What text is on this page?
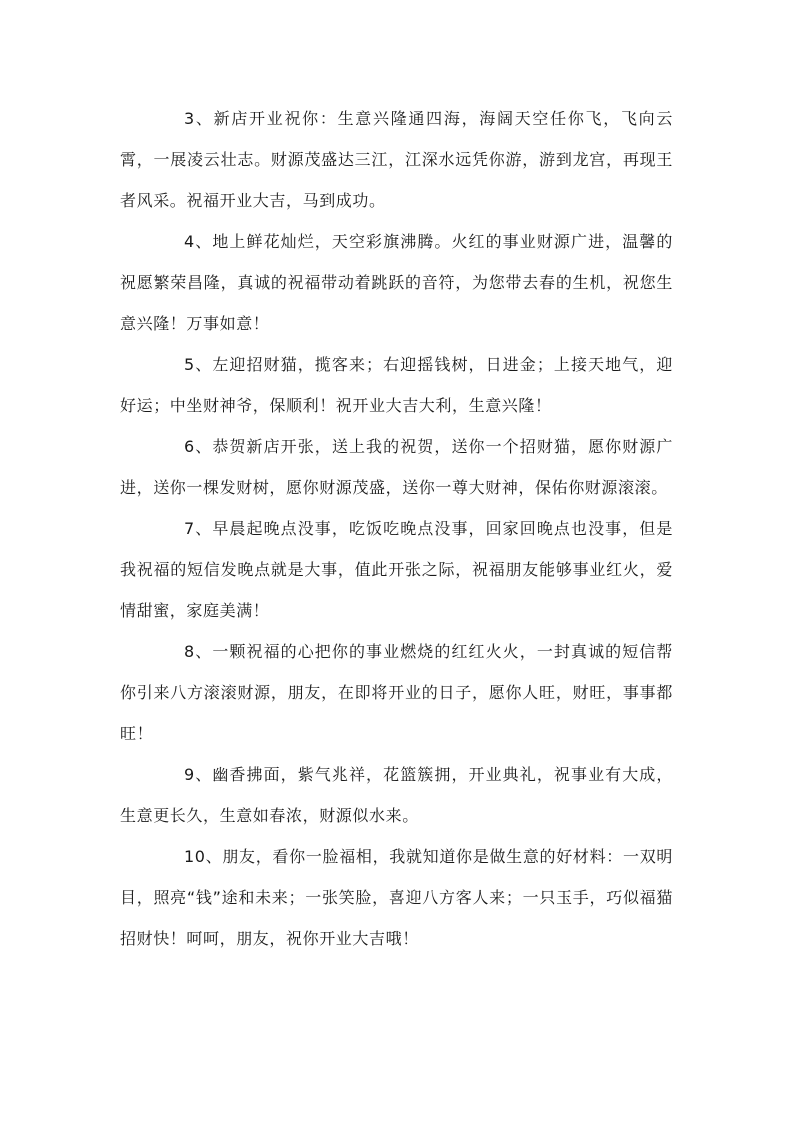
3、新店开业祝你：生意兴隆通四海，海阔天空任你飞，飞向云霄，一展凌云壮志。财源茂盛达三江，江深水远凭你游，游到龙宫，再现王者风采。祝福开业大吉，马到成功。

4、地上鲜花灿烂，天空彩旗沸腾。火红的事业财源广进，温馨的祝愿繁荣昌隆，真诚的祝福带动着跳跃的音符，为您带去春的生机，祝您生意兴隆！万事如意！

5、左迎招财猫，揽客来；右迎摇钱树，日进金；上接天地气，迎好运；中坐财神爷，保顺利！祝开业大吉大利，生意兴隆！

6、恭贺新店开张，送上我的祝贺，送你一个招财猫，愿你财源广进，送你一棵发财树，愿你财源茂盛，送你一尊大财神，保佑你财源滚滚。

7、早晨起晚点没事，吃饭吃晚点没事，回家回晚点也没事，但是我祝福的短信发晚点就是大事，值此开张之际，祝福朋友能够事业红火，爱情甜蜜，家庭美满！

8、一颗祝福的心把你的事业燃烧的红红火火，一封真诚的短信帮你引来八方滚滚财源，朋友，在即将开业的日子，愿你人旺，财旺，事事都旺！

9、幽香拂面，紫气兆祥，花篮簇拥，开业典礼，祝事业有大成，生意更长久，生意如春浓，财源似水来。

10、朋友，看你一脸福相，我就知道你是做生意的好材料：一双明目，照亮“钱”途和未来；一张笑脸，喜迎八方客人来；一只玉手，巧似福猫招财快！呵呵，朋友，祝你开业大吉哦！
